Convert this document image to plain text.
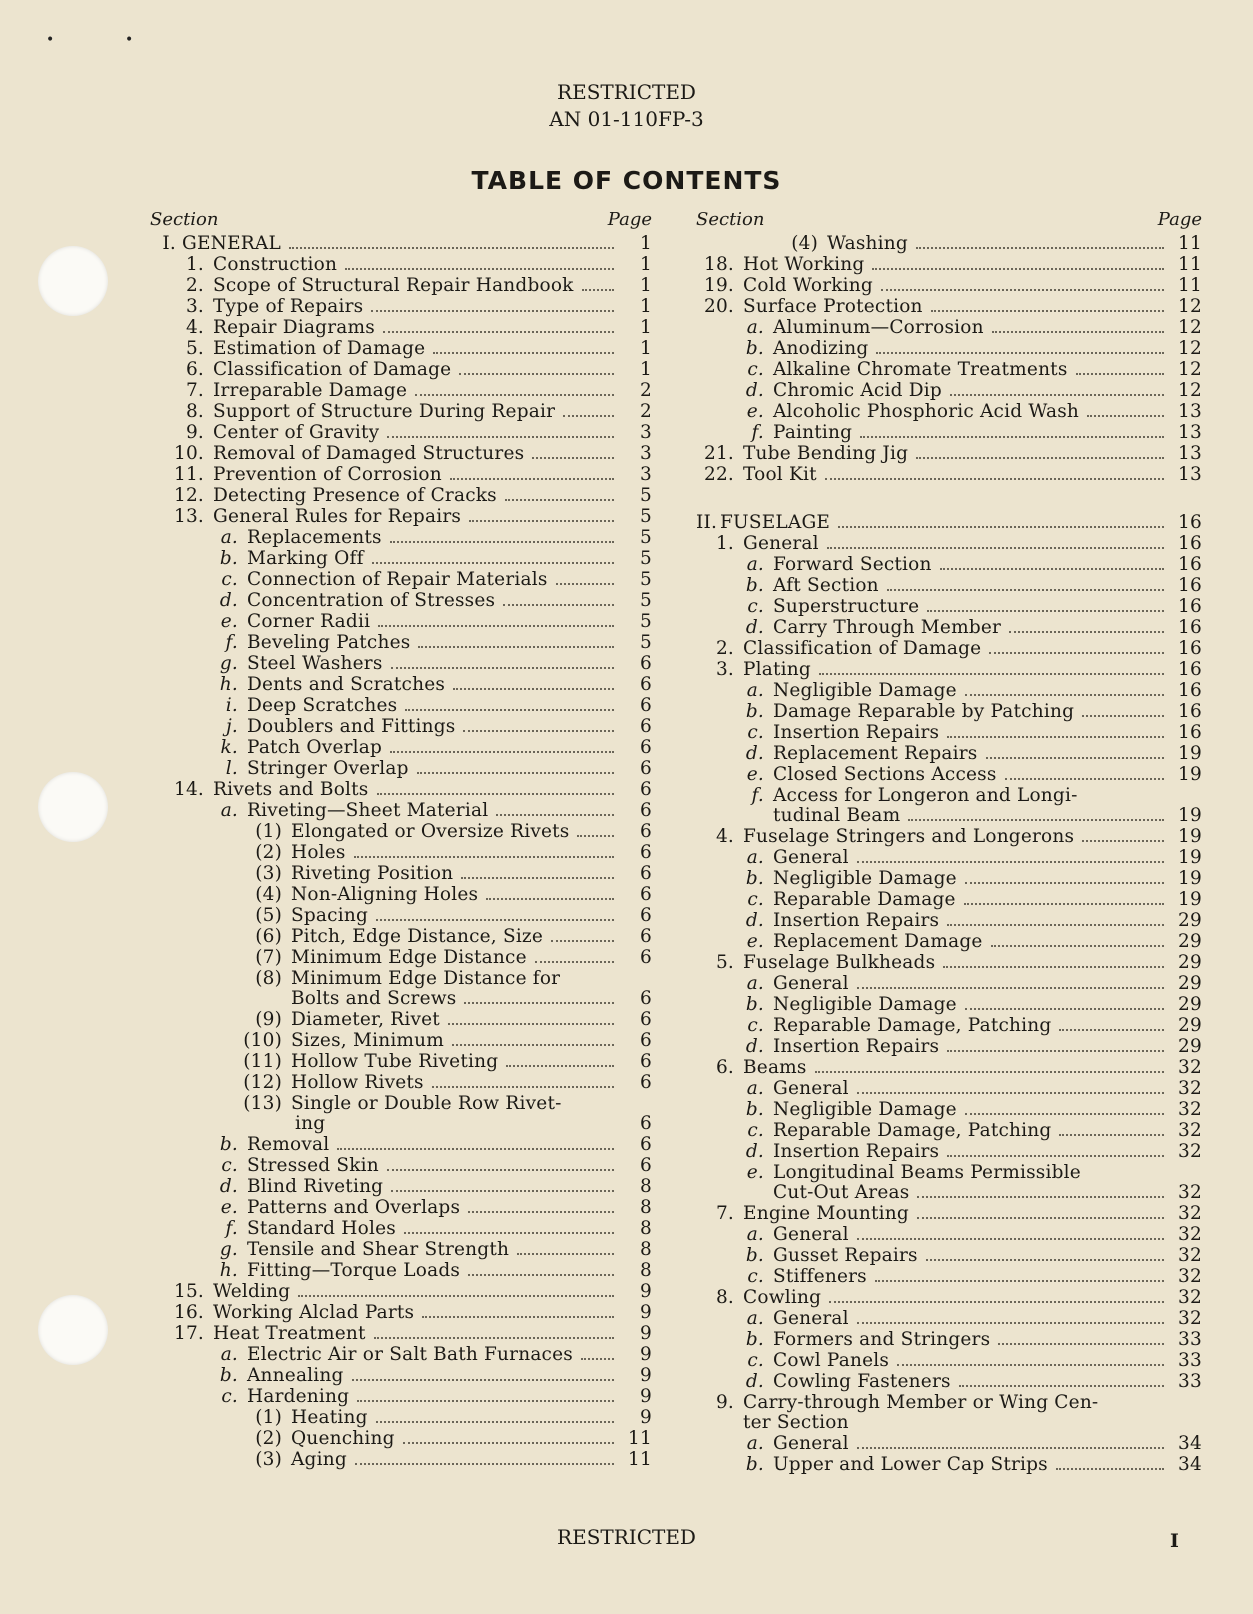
•	•
RESTRICTED
AN 01-110FP-3
TABLE OF CONTENTS
Section	Page
I. GENERAL	1
1. Construction	1
2. Scope of Structural Repair Handbook	1
3. Type of Repairs	1
4. Repair Diagrams	1
5. Estimation of Damage	1
6. Classification of Damage	1
7. Irreparable Damage	2
8. Support of Structure During Repair	2
9. Center of Gravity	3
10. Removal of Damaged Structures	3
11. Prevention of Corrosion	3
12. Detecting Presence of Cracks	5
13. General Rules for Repairs	5
a. Replacements	5
b. Marking Off	5
c. Connection of Repair Materials	5
d. Concentration of Stresses	5
e. Corner Radii	5
f. Beveling Patches	5
g. Steel Washers	6
h. Dents and Scratches	6
i. Deep Scratches	6
j. Doublers and Fittings	6
k. Patch Overlap	6
l. Stringer Overlap	6
14. Rivets and Bolts	6
a. Riveting—Sheet Material	6
(1) Elongated or Oversize Rivets	6
(2) Holes	6
(3) Riveting Position	6
(4) Non-Aligning Holes	6
(5) Spacing	6
(6) Pitch, Edge Distance, Size	6
(7) Minimum Edge Distance	6
(8) Minimum Edge Distance for
Bolts and Screws	6
(9) Diameter, Rivet	6
(10) Sizes, Minimum	6
(11) Hollow Tube Riveting	6
(12) Hollow Rivets	6
(13) Single or Double Row Rivet-
ing	6
b. Removal	6
c. Stressed Skin	6
d. Blind Riveting	8
e. Patterns and Overlaps	8
f. Standard Holes	8
g. Tensile and Shear Strength	8
h. Fitting—Torque Loads	8
15. Welding	9
16. Working Alclad Parts	9
17. Heat Treatment	9
a. Electric Air or Salt Bath Furnaces	9
b. Annealing	9
c. Hardening	9
(1) Heating	9
(2) Quenching	11
(3) Aging	11
Section	Page
(4) Washing	11
18. Hot Working	11
19. Cold Working	11
20. Surface Protection	12
a. Aluminum—Corrosion	12
b. Anodizing	12
c. Alkaline Chromate Treatments	12
d. Chromic Acid Dip	12
e. Alcoholic Phosphoric Acid Wash	13
f. Painting	13
21. Tube Bending Jig	13
22. Tool Kit	13
II. FUSELAGE	16
1. General	16
a. Forward Section	16
b. Aft Section	16
c. Superstructure	16
d. Carry Through Member	16
2. Classification of Damage	16
3. Plating	16
a. Negligible Damage	16
b. Damage Reparable by Patching	16
c. Insertion Repairs	16
d. Replacement Repairs	19
e. Closed Sections Access	19
f. Access for Longeron and Longi-
tudinal Beam	19
4. Fuselage Stringers and Longerons	19
a. General	19
b. Negligible Damage	19
c. Reparable Damage	19
d. Insertion Repairs	29
e. Replacement Damage	29
5. Fuselage Bulkheads	29
a. General	29
b. Negligible Damage	29
c. Reparable Damage, Patching	29
d. Insertion Repairs	29
6. Beams	32
a. General	32
b. Negligible Damage	32
c. Reparable Damage, Patching	32
d. Insertion Repairs	32
e. Longitudinal Beams Permissible
Cut-Out Areas	32
7. Engine Mounting	32
a. General	32
b. Gusset Repairs	32
c. Stiffeners	32
8. Cowling	32
a. General	32
b. Formers and Stringers	33
c. Cowl Panels	33
d. Cowling Fasteners	33
9. Carry-through Member or Wing Cen-
ter Section
a. General	34
b. Upper and Lower Cap Strips	34
RESTRICTED	I
